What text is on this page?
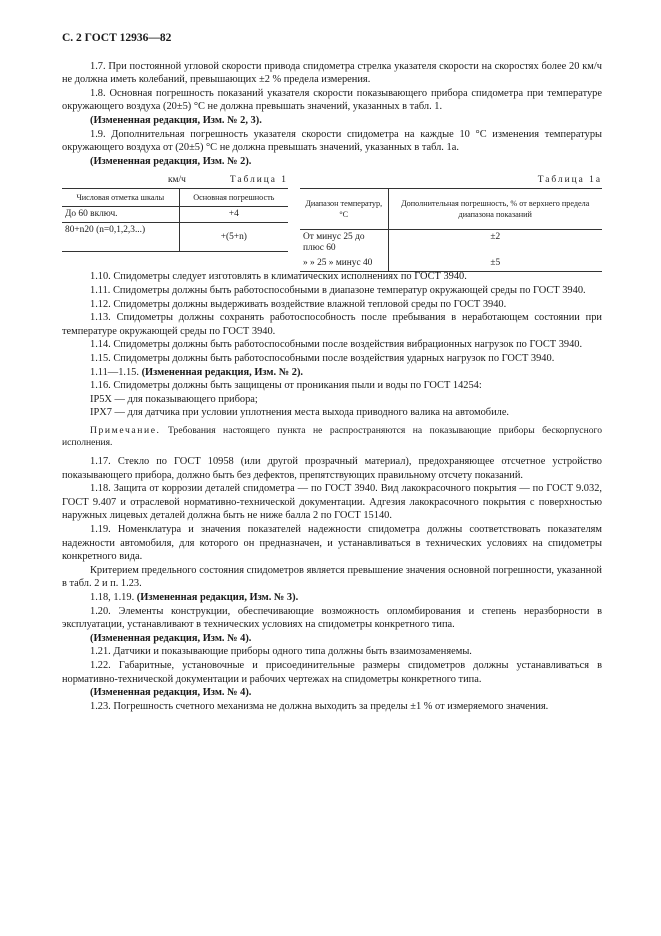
С. 2 ГОСТ 12936—82

1.7. При постоянной угловой скорости привода спидометра стрелка указателя скорости на скоростях более 20 км/ч не должна иметь колебаний, превышающих ±2 % предела измерения.

1.8. Основная погрешность показаний указателя скорости показывающего прибора спидометра при температуре окружающего воздуха (20±5) °С не должна превышать значений, указанных в табл. 1.

(Измененная редакция, Изм. № 2, 3).

1.9. Дополнительная погрешность указателя скорости спидометра на каждые 10 °С изменения температуры окружающего воздуха от (20±5) °С не должна превышать значений, указанных в табл. 1а.

(Измененная редакция, Изм. № 2).

км/ч	Таблица 1
Числовая отметка шкалы	Основная погрешность
До 60 включ.	+4
80+n20 (n=0,1,2,3...)	+(5+n)
Таблица 1а
Диапазон температур, °С	Дополнительная погрешность, % от верхнего предела диапазона показаний
От минус 25 до плюс 60	±2
» » 25 » минус 40	±5

1.10. Спидометры следует изготовлять в климатических исполнениях по ГОСТ 3940.

1.11. Спидометры должны быть работоспособными в диапазоне температур окружающей среды по ГОСТ 3940.

1.12. Спидометры должны выдерживать воздействие влажной тепловой среды по ГОСТ 3940.

1.13. Спидометры должны сохранять работоспособность после пребывания в неработающем состоянии при температуре окружающей среды по ГОСТ 3940.

1.14. Спидометры должны быть работоспособными после воздействия вибрационных нагрузок по ГОСТ 3940.

1.15. Спидометры должны быть работоспособными после воздействия ударных нагрузок по ГОСТ 3940.

1.11—1.15. (Измененная редакция, Изм. № 2).

1.16. Спидометры должны быть защищены от проникания пыли и воды по ГОСТ 14254:

IP5X — для показывающего прибора;

IPX7 — для датчика при условии уплотнения места выхода приводного валика на автомобиле.

Примечание. Требования настоящего пункта не распространяются на показывающие приборы бескорпусного исполнения.

1.17. Стекло по ГОСТ 10958 (или другой прозрачный материал), предохраняющее отсчетное устройство показывающего прибора, должно быть без дефектов, препятствующих правильному отсчету показаний.

1.18. Защита от коррозии деталей спидометра — по ГОСТ 3940. Вид лакокрасочного покрытия — по ГОСТ 9.032, ГОСТ 9.407 и отраслевой нормативно-технической документации. Адгезия лакокрасочного покрытия с поверхностью наружных лицевых деталей должна быть не ниже балла 2 по ГОСТ 15140.

1.19. Номенклатура и значения показателей надежности спидометра должны соответствовать показателям надежности автомобиля, для которого он предназначен, и устанавливаться в технических условиях на спидометры конкретного вида.

Критерием предельного состояния спидометров является превышение значения основной погрешности, указанной в табл. 2 и п. 1.23.

1.18, 1.19. (Измененная редакция, Изм. № 3).

1.20. Элементы конструкции, обеспечивающие возможность опломбирования и степень неразборности в эксплуатации, устанавливают в технических условиях на спидометры конкретного типа.

(Измененная редакция, Изм. № 4).

1.21. Датчики и показывающие приборы одного типа должны быть взаимозаменяемы.

1.22. Габаритные, установочные и присоединительные размеры спидометров должны устанавливаться в нормативно-технической документации и рабочих чертежах на спидометры конкретного типа.

(Измененная редакция, Изм. № 4).

1.23. Погрешность счетного механизма не должна выходить за пределы ±1 % от измеряемого значения.
